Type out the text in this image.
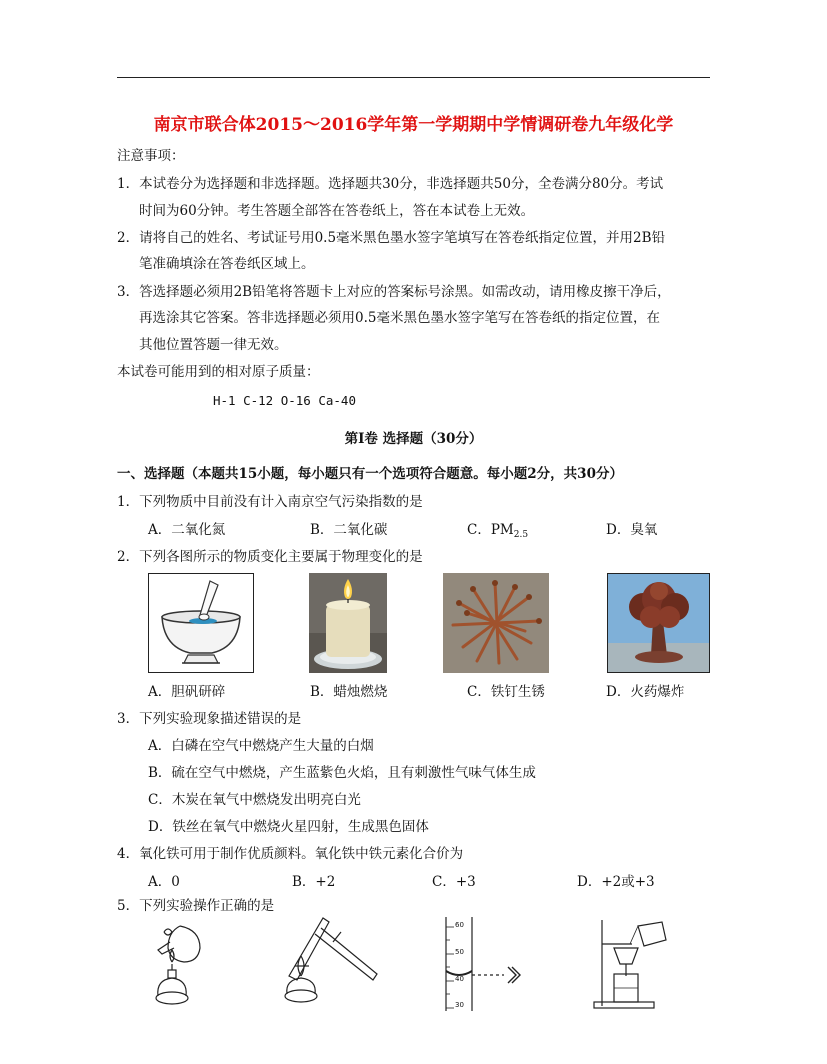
南京市联合体2015～2016学年第一学期期中学情调研卷九年级化学
注意事项：
1．本试卷分为选择题和非选择题。选择题共30分，非选择题共50分，全卷满分80分。考试
时间为60分钟。考生答题全部答在答卷纸上，答在本试卷上无效。
2．请将自己的姓名、考试证号用0.5毫米黑色墨水签字笔填写在答卷纸指定位置，并用2B铅
笔准确填涂在答卷纸区域上。
3．答选择题必须用2B铅笔将答题卡上对应的答案标号涂黑。如需改动，请用橡皮擦干净后，
再选涂其它答案。答非选择题必须用0.5毫米黑色墨水签字笔写在答卷纸的指定位置，在
其他位置答题一律无效。
本试卷可能用到的相对原子质量：
H-1 C-12 O-16 Ca-40
第Ⅰ卷 选择题（30分）
一、选择题（本题共15小题，每小题只有一个选项符合题意。每小题2分，共30分）
1．下列物质中目前没有计入南京空气污染指数的是
A．二氧化氮	B．二氧化碳	C．$PM_{2.5}$	D．臭氧
2．下列各图所示的物质变化主要属于物理变化的是
A．胆矾研碎	B．蜡烛燃烧	C．铁钉生锈	D．火药爆炸
3．下列实验现象描述错误的是
A．白磷在空气中燃烧产生大量的白烟
B．硫在空气中燃烧，产生蓝紫色火焰，且有刺激性气味气体生成
C．木炭在氧气中燃烧发出明亮白光
D．铁丝在氧气中燃烧火星四射，生成黑色固体
4．氧化铁可用于制作优质颜料。氧化铁中铁元素化合价为
A．0	B．+2	C．+3	D．+2或+3
5．下列实验操作正确的是
60
50
40
30
